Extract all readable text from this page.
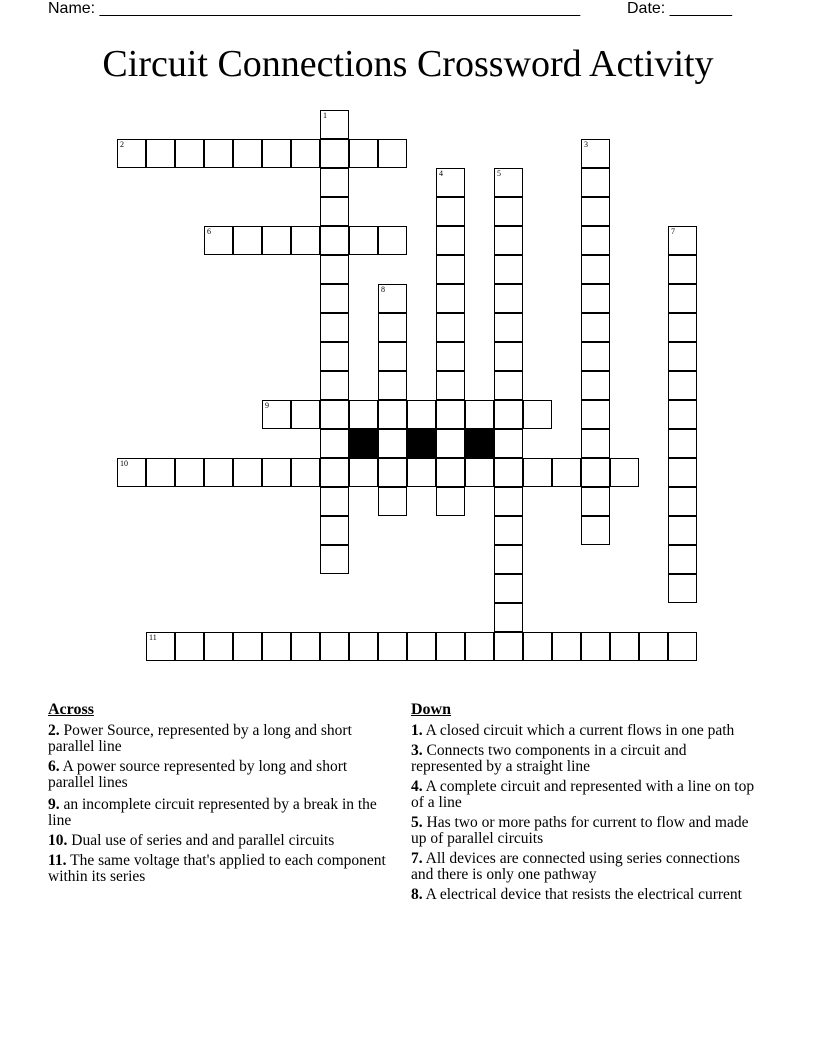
Name: ______________________________________________________

	Date: _______

Circuit Connections Crossword Activity
1
2	3
4	5
6	7
8
9
10
11
Across
2. Power Source, represented by a long and short parallel line
6. A power source represented by long and short parallel lines
9. an incomplete circuit represented by a break in the line
10. Dual use of series and and parallel circuits
11. The same voltage that's applied to each component within its series
Down
1. A closed circuit which a current flows in one path
3. Connects two components in a circuit and represented by a straight line
4. A complete circuit and represented with a line on top of a line
5. Has two or more paths for current to flow and made up of parallel circuits
7. All devices are connected using series connections and there is only one pathway
8. A electrical device that resists the electrical current
